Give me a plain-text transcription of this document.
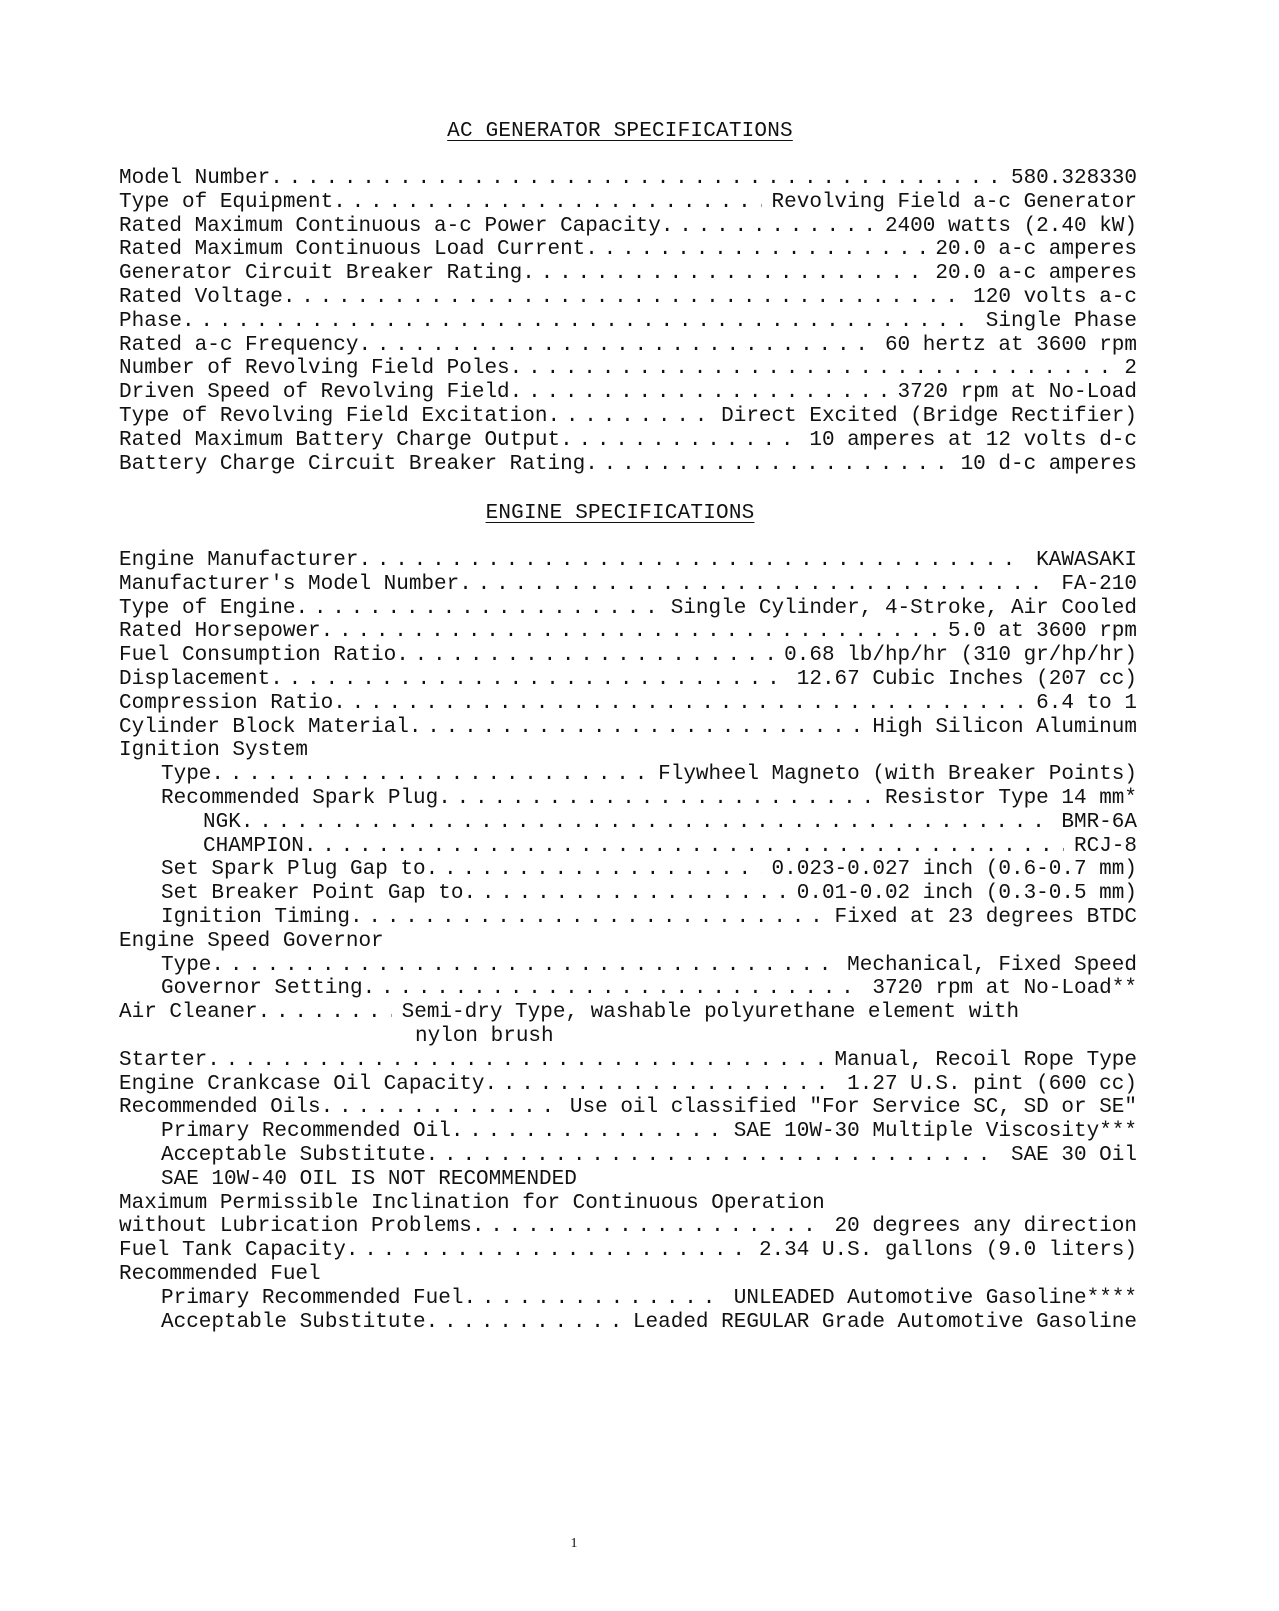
AC GENERATOR SPECIFICATIONS
Model Number . . .	580.328330
Type of Equipment . . .	Revolving Field a-c Generator
Rated Maximum Continuous a-c Power Capacity . . .	2400 watts (2.40 kW)
Rated Maximum Continuous Load Current . . .	20.0 a-c amperes
Generator Circuit Breaker Rating . . .	20.0 a-c amperes
Rated Voltage . . .	120 volts a-c
Phase . . .	Single Phase
Rated a-c Frequency . . .	60 hertz at 3600 rpm
Number of Revolving Field Poles . . .	2
Driven Speed of Revolving Field . . .	3720 rpm at No-Load
Type of Revolving Field Excitation . . .	Direct Excited (Bridge Rectifier)
Rated Maximum Battery Charge Output . . .	10 amperes at 12 volts d-c
Battery Charge Circuit Breaker Rating . . .	10 d-c amperes
ENGINE SPECIFICATIONS
Engine Manufacturer . . .	KAWASAKI
Manufacturer's Model Number . . .	FA-210
Type of Engine . . .	Single Cylinder, 4-Stroke, Air Cooled
Rated Horsepower . . .	5.0 at 3600 rpm
Fuel Consumption Ratio . . .	0.68 lb/hp/hr (310 gr/hp/hr)
Displacement . . .	12.67 Cubic Inches (207 cc)
Compression Ratio . . .	6.4 to 1
Cylinder Block Material . . .	High Silicon Aluminum
Ignition System
Type . . .	Flywheel Magneto (with Breaker Points)
Recommended Spark Plug . . .	Resistor Type 14 mm*
NGK . . .	BMR-6A
CHAMPION . . .	RCJ-8
Set Spark Plug Gap to . . .	0.023-0.027 inch (0.6-0.7 mm)
Set Breaker Point Gap to . . .	0.01-0.02 inch (0.3-0.5 mm)
Ignition Timing . . .	Fixed at 23 degrees BTDC
Engine Speed Governor
Type . . .	Mechanical, Fixed Speed
Governor Setting . . .	3720 rpm at No-Load**
Air Cleaner . . .	Semi-dry Type, washable polyurethane element with
nylon brush
Starter . . .	Manual, Recoil Rope Type
Engine Crankcase Oil Capacity . . .	1.27 U.S. pint (600 cc)
Recommended Oils . . .	Use oil classified "For Service SC, SD or SE"
Primary Recommended Oil . . .	SAE 10W-30 Multiple Viscosity***
Acceptable Substitute . . .	SAE 30 Oil
SAE 10W-40 OIL IS NOT RECOMMENDED
Maximum Permissible Inclination for Continuous Operation
without Lubrication Problems . . .	20 degrees any direction
Fuel Tank Capacity . . .	2.34 U.S. gallons (9.0 liters)
Recommended Fuel
Primary Recommended Fuel . . .	UNLEADED Automotive Gasoline****
Acceptable Substitute . . .	Leaded REGULAR Grade Automotive Gasoline
1
